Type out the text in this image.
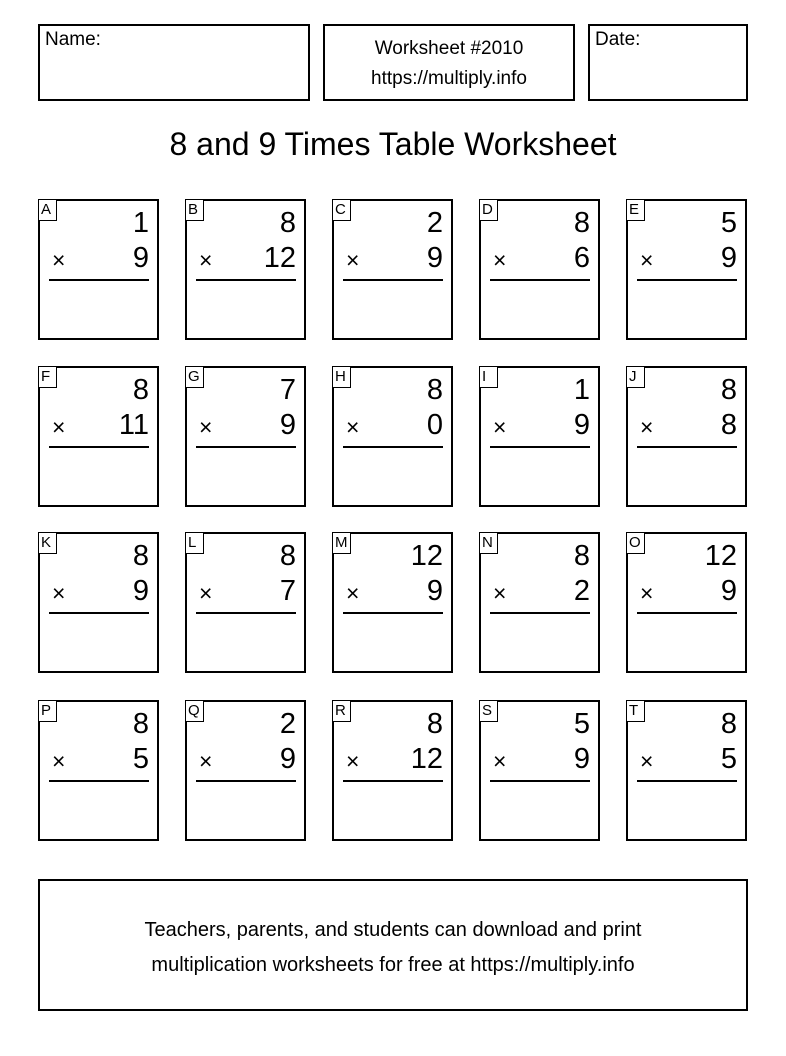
Name:	Worksheet #2010
https://multiply.info
Date:
8 and 9 Times Table Worksheet
A	1
× 9
B	8
× 12
C	2
× 9
D	8
× 6
E	5
× 9
F	8
× 11
G	7
× 9
H	8
× 0
I	1
× 9
J	8
× 8
K	8
× 9
L	8
× 7
M 12
× 9
N	8
× 2
O 12
× 9
P	8
× 5
Q	2
× 9
R	8
× 12
S	5
× 9
T	8
× 5
Teachers, parents, and students can download and print
multiplication worksheets for free at https://multiply.info
